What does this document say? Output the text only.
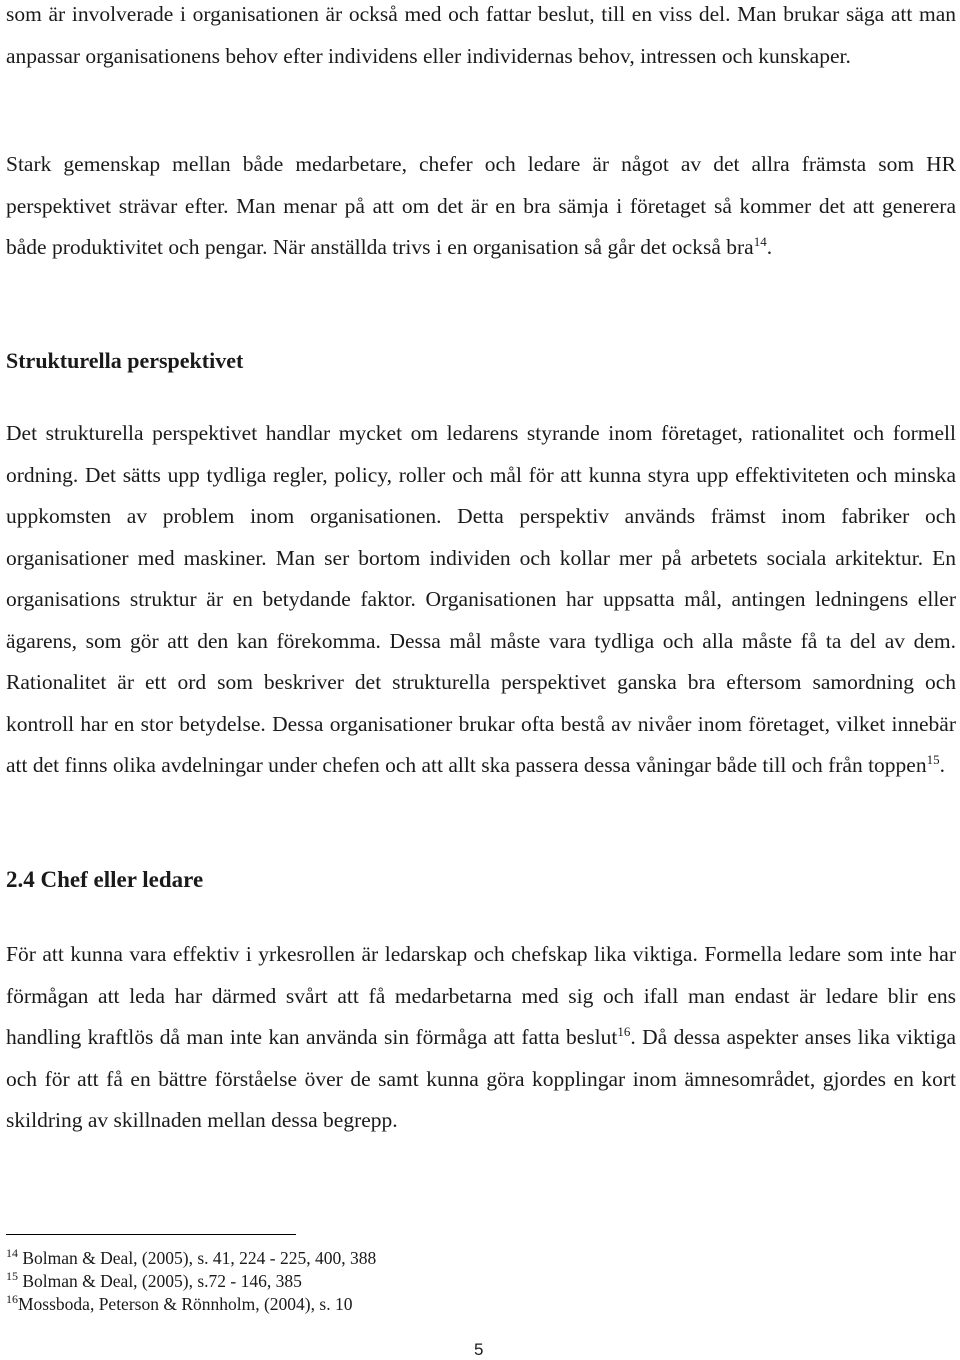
som är involverade i organisationen är också med och fattar beslut, till en viss del. Man brukar säga att man anpassar organisationens behov efter individens eller individernas behov, intressen och kunskaper.

Stark gemenskap mellan både medarbetare, chefer och ledare är något av det allra främsta som HR perspektivet strävar efter. Man menar på att om det är en bra sämja i företaget så kommer det att generera både produktivitet och pengar. När anställda trivs i en organisation så går det också bra$^{14}$.

Strukturella perspektivet

Det strukturella perspektivet handlar mycket om ledarens styrande inom företaget, rationalitet och formell ordning. Det sätts upp tydliga regler, policy, roller och mål för att kunna styra upp effektiviteten och minska uppkomsten av problem inom organisationen. Detta perspektiv används främst inom fabriker och organisationer med maskiner. Man ser bortom individen och kollar mer på arbetets sociala arkitektur. En organisations struktur är en betydande faktor. Organisationen har uppsatta mål, antingen ledningens eller ägarens, som gör att den kan förekomma. Dessa mål måste vara tydliga och alla måste få ta del av dem. Rationalitet är ett ord som beskriver det strukturella perspektivet ganska bra eftersom samordning och kontroll har en stor betydelse. Dessa organisationer brukar ofta bestå av nivåer inom företaget, vilket innebär att det finns olika avdelningar under chefen och att allt ska passera dessa våningar både till och från toppen$^{15}$.

2.4 Chef eller ledare

För att kunna vara effektiv i yrkesrollen är ledarskap och chefskap lika viktiga. Formella ledare som inte har förmågan att leda har därmed svårt att få medarbetarna med sig och ifall man endast är ledare blir ens handling kraftlös då man inte kan använda sin förmåga att fatta beslut$^{16}$. Då dessa aspekter anses lika viktiga och för att få en bättre förståelse över de samt kunna göra kopplingar inom ämnesområdet, gjordes en kort skildring av skillnaden mellan dessa begrepp.

$^{14}$ Bolman & Deal, (2005), s. 41, 224 - 225, 400, 388
$^{15}$ Bolman & Deal, (2005), s.72 - 146, 385
$^{16}$Mossboda, Peterson & Rönnholm, (2004), s. 10
5
